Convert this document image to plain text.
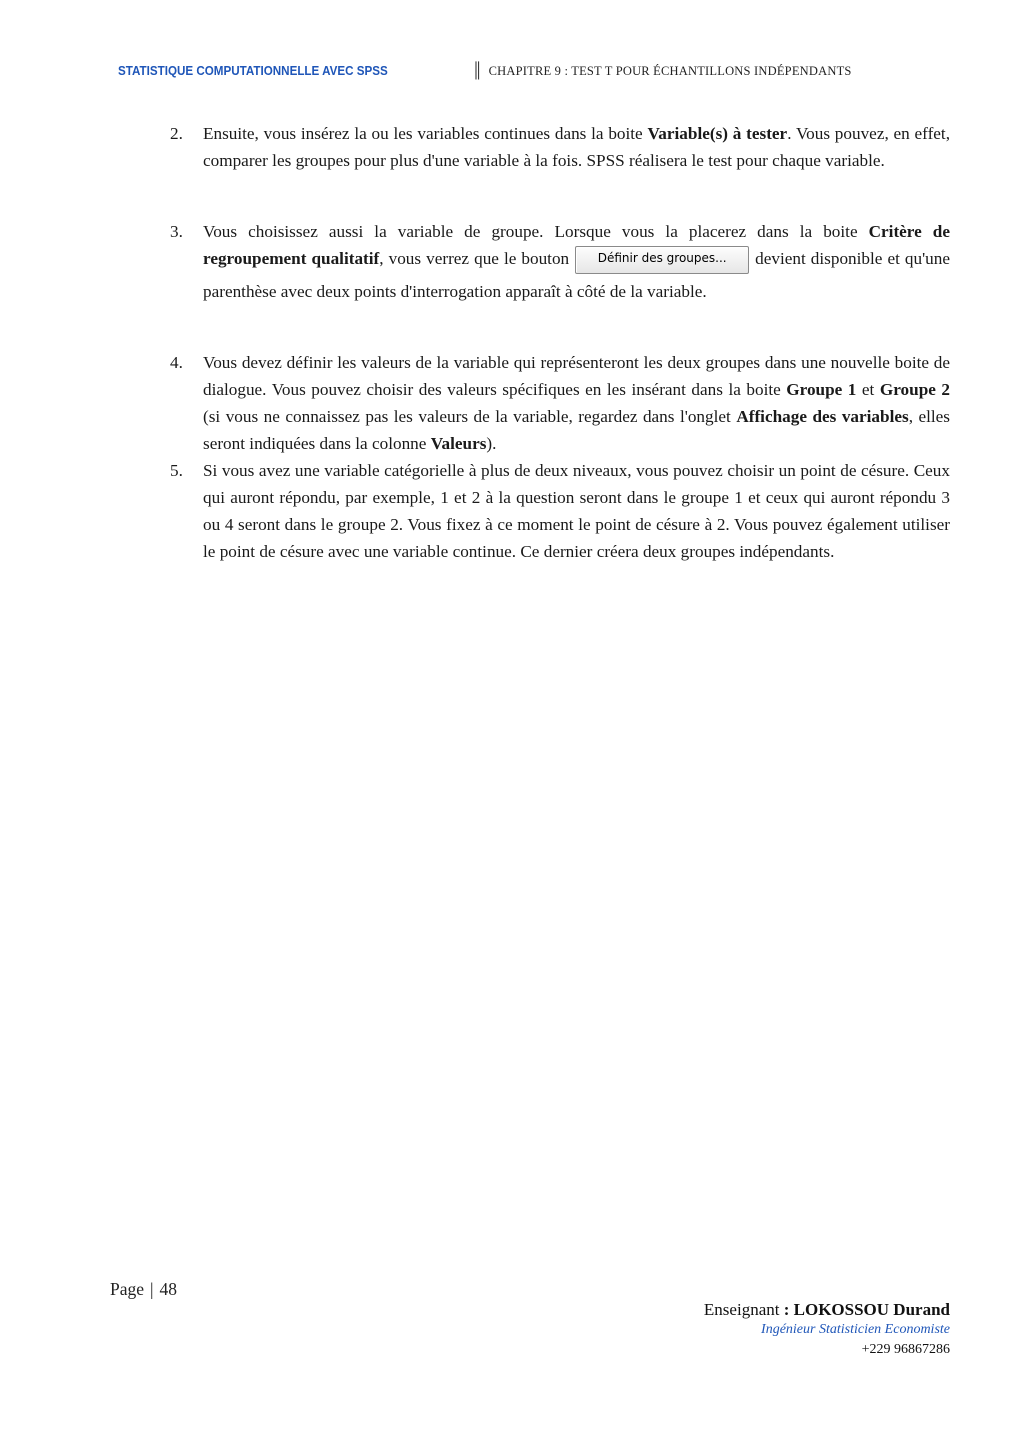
STATISTIQUE COMPUTATIONNELLE AVEC SPSS	║ CHAPITRE 9 : TEST T POUR ÉCHANTILLONS INDÉPENDANTS
2. Ensuite, vous insérez la ou les variables continues dans la boite Variable(s) à tester. Vous pouvez, en effet, comparer les groupes pour plus d'une variable à la fois. SPSS réalisera le test pour chaque variable.

3. Vous choisissez aussi la variable de groupe. Lorsque vous la placerez dans la boite Critère de regroupement qualitatif, vous verrez que le bouton Définir des groupes... devient disponible et qu'une parenthèse avec deux points d'interrogation apparaît à côté de la variable.

4. Vous devez définir les valeurs de la variable qui représenteront les deux groupes dans une nouvelle boite de dialogue. Vous pouvez choisir des valeurs spécifiques en les insérant dans la boite Groupe 1 et Groupe 2 (si vous ne connaissez pas les valeurs de la variable, regardez dans l'onglet Affichage des variables, elles seront indiquées dans la colonne Valeurs).

5. Si vous avez une variable catégorielle à plus de deux niveaux, vous pouvez choisir un point de césure. Ceux qui auront répondu, par exemple, 1 et 2 à la question seront dans le groupe 1 et ceux qui auront répondu 3 ou 4 seront dans le groupe 2. Vous fixez à ce moment le point de césure à 2. Vous pouvez également utiliser le point de césure avec une variable continue. Ce dernier créera deux groupes indépendants.

Page | 48
Enseignant : LOKOSSOU Durand
Ingénieur Statisticien Economiste
+229 96867286
